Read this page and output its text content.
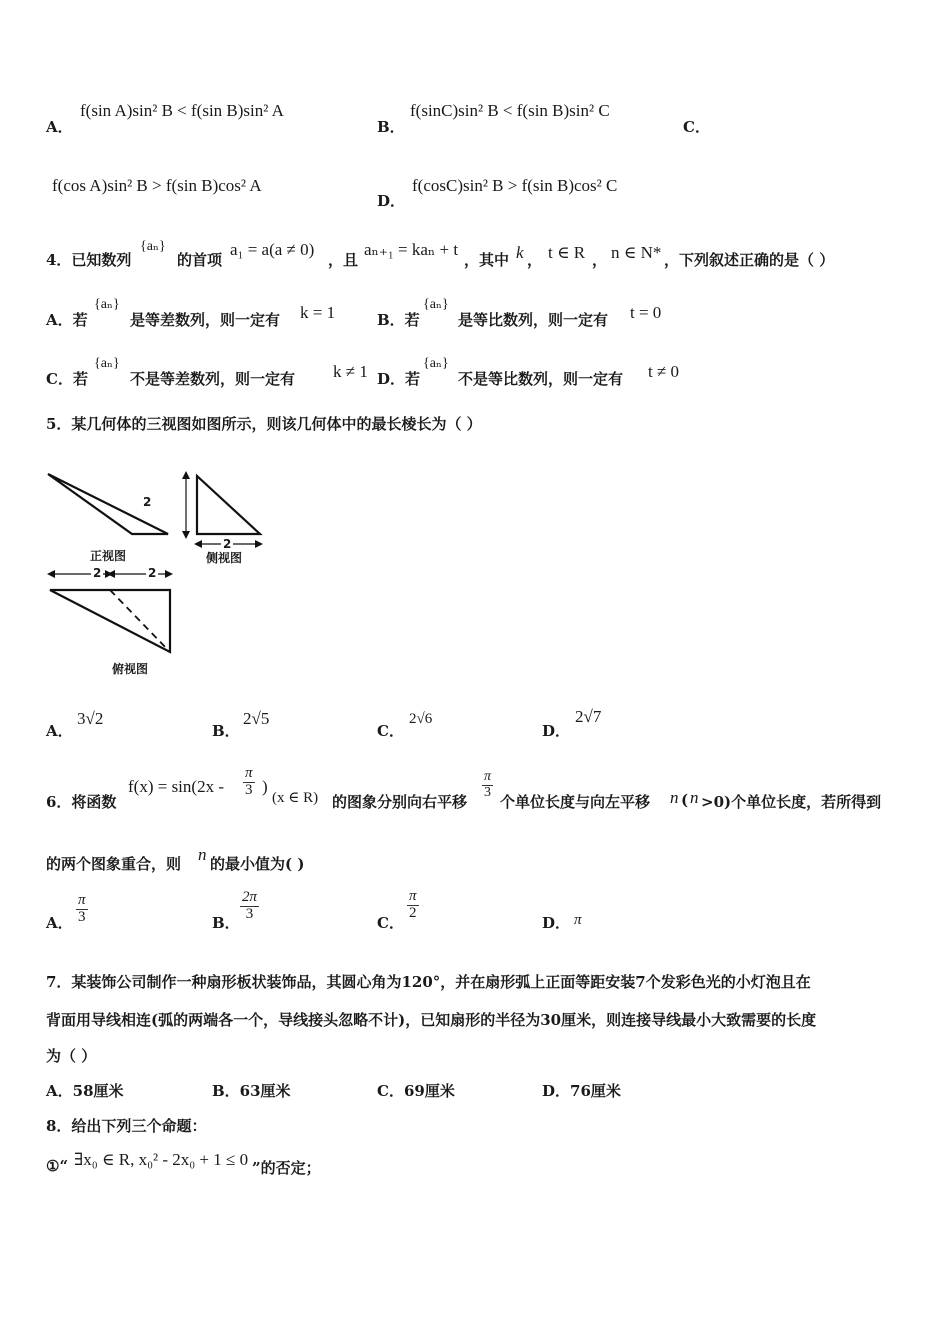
A．
f(sin A)sin² B < f(sin B)sin² A
B．
f(sinC)sin² B < f(sin B)sin² C
C．
f(cos A)sin² B > f(sin B)cos² A
D．
f(cosC)sin² B > f(sin B)cos² C
4．已知数列
{aₙ}
的首项
a₁ = a(a ≠ 0)
，且
aₙ₊₁ = kaₙ + t
，其中 k ， t ∈ R ， n ∈ N* ，下列叙述正确的是（ ）
A．若
{aₙ}
是等差数列，则一定有 k = 1	B．若
{aₙ}
是等比数列，则一定有 t = 0
C．若
{aₙ}
不是等差数列，则一定有 k ≠ 1 D．若
{aₙ}
不是等比数列，则一定有 t ≠ 0
5．某几何体的三视图如图所示，则该几何体中的最长棱长为（ ）
2
2
2	2
正视图	侧视图
俯视图
A．
3√2
B．
2√5
C．
2√6
D．
2√7
6．将函数
$f(x) = \sin(2x - \frac{\pi}{3}$ )
(x ∈ R) 的图象分别向右平移
$\frac{\pi}{3}$
个单位长度与向左平移 n ( n >0)个单位长度，若所得到
的两个图象重合，则 n 的最小值为( )
A． $\frac{\pi}{3}$	B．
$\frac{2\pi}{3}$
C．
$\frac{\pi}{2}$
D． π
7．某装饰公司制作一种扇形板状装饰品，其圆心角为120°，并在扇形弧上正面等距安装7个发彩色光的小灯泡且在
背面用导线相连(弧的两端各一个，导线接头忽略不计)，已知扇形的半径为30厘米，则连接导线最小大致需要的长度
为（ ）
A．58厘米	B．63厘米	C．69厘米	D．76厘米
8．给出下列三个命题：
①“ ∃x₀ ∈ R, x₀² - 2x₀ + 1 ≤ 0 ”的否定；
